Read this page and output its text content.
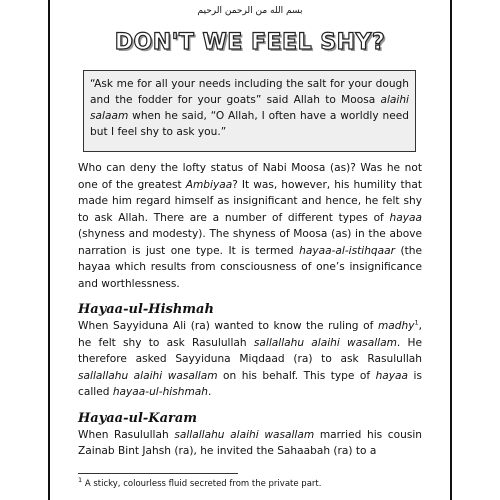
بسم الله من الرحمن الرحيم
DON'T WE FEEL SHY?
“Ask me for all your needs including the salt for your dough and the fodder for your goats” said Allah to Moosa alaihi salaam when he said, “O Allah, I often have a worldly need but I feel shy to ask you.”

Who can deny the lofty status of Nabi Moosa (as)? Was he not one of the greatest Ambiyaa? It was, however, his humility that made him regard himself as insignificant and hence, he felt shy to ask Allah. There are a number of different types of hayaa (shyness and modesty). The shyness of Moosa (as) in the above narration is just one type. It is termed hayaa-al-istihqaar (the hayaa which results from consciousness of one’s insignificance and worthlessness.

Hayaa-ul-Hishmah

When Sayyiduna Ali (ra) wanted to know the ruling of madhy$^1$, he felt shy to ask Rasulullah sallallahu alaihi wasallam. He therefore asked Sayyiduna Miqdaad (ra) to ask Rasulullah sallallahu alaihi wasallam on his behalf. This type of hayaa is called hayaa-ul-hishmah.

Hayaa-ul-Karam

When Rasulullah sallallahu alaihi wasallam married his cousin Zainab Bint Jahsh (ra), he invited the Sahaabah (ra) to a

$^1$ A sticky, colourless fluid secreted from the private part.
